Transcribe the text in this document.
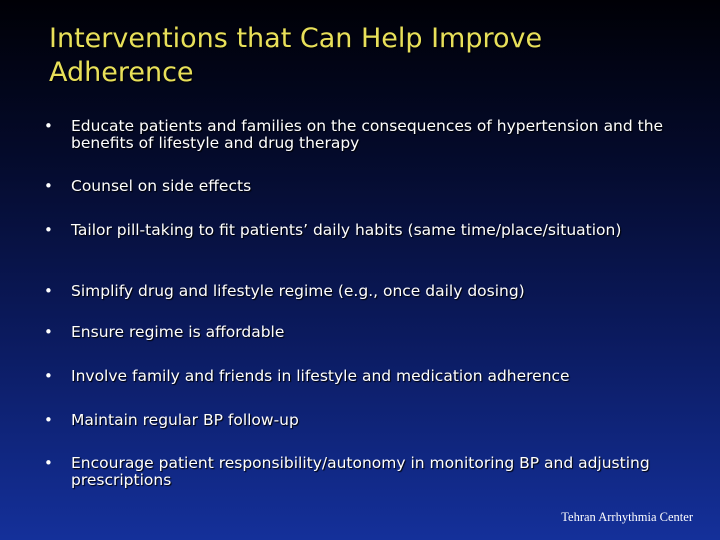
Interventions that Can Help Improve Adherence
• Educate patients and families on the consequences of hypertension and the benefits of lifestyle and drug therapy
• Counsel on side effects
• Tailor pill-taking to fit patients’ daily habits (same time/place/situation)
• Simplify drug and lifestyle regime (e.g., once daily dosing)
• Ensure regime is affordable
• Involve family and friends in lifestyle and medication adherence
• Maintain regular BP follow-up
• Encourage patient responsibility/autonomy in monitoring BP and adjusting prescriptions
Tehran Arrhythmia Center
